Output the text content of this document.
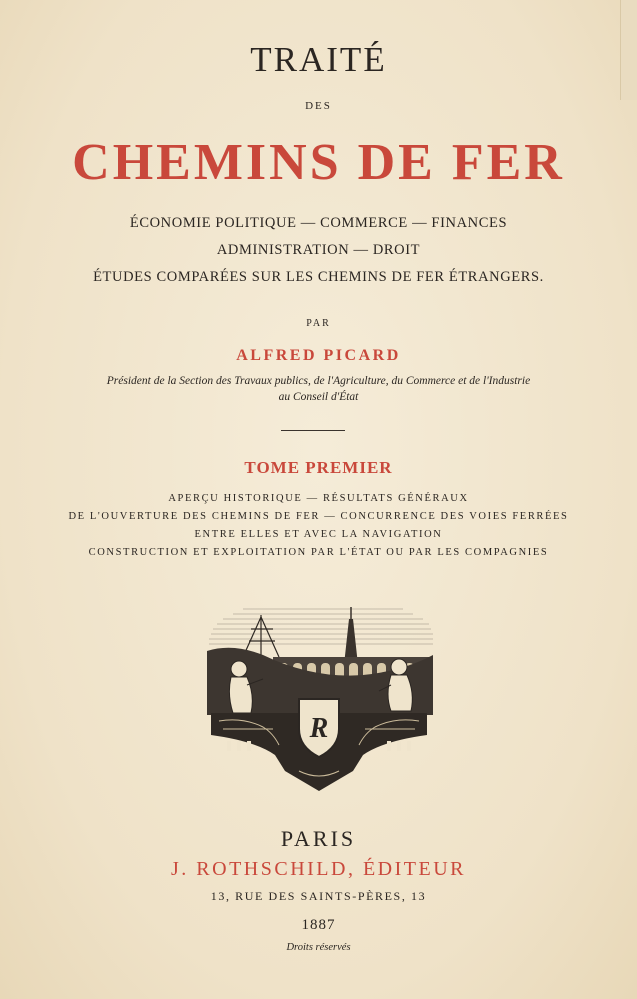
TRAITÉ
DES
CHEMINS DE FER
ÉCONOMIE POLITIQUE — COMMERCE — FINANCES
ADMINISTRATION — DROIT
ÉTUDES COMPARÉES SUR LES CHEMINS DE FER ÉTRANGERS.
PAR
ALFRED PICARD
Président de la Section des Travaux publics, de l'Agriculture, du Commerce et de l'Industrie
au Conseil d'État
TOME PREMIER
APERÇU HISTORIQUE — RÉSULTATS GÉNÉRAUX
DE L'OUVERTURE DES CHEMINS DE FER — CONCURRENCE DES VOIES FERRÉES
ENTRE ELLES ET AVEC LA NAVIGATION
CONSTRUCTION ET EXPLOITATION PAR L'ÉTAT OU PAR LES COMPAGNIES
R
PARIS
J. ROTHSCHILD, ÉDITEUR
13, RUE DES SAINTS-PÈRES, 13
1887
Droits réservés
